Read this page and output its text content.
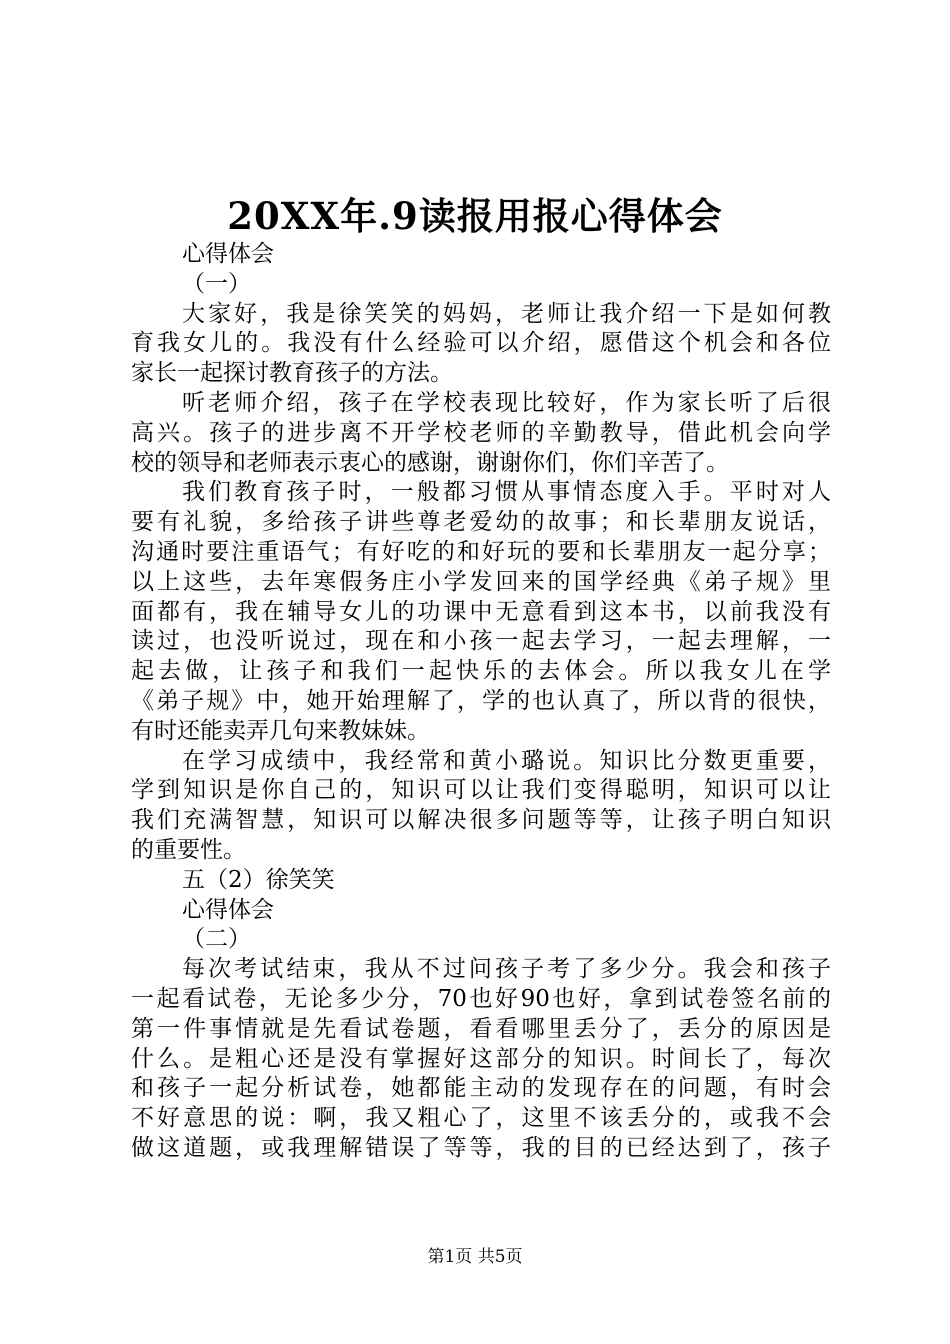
20XX年.9读报用报心得体会
心得体会
（一）
大家好，我是徐笑笑的妈妈，老师让我介绍一下是如何教
育我女儿的。我没有什么经验可以介绍，愿借这个机会和各位
家长一起探讨教育孩子的方法。
听老师介绍，孩子在学校表现比较好，作为家长听了后很
高兴。孩子的进步离不开学校老师的辛勤教导，借此机会向学
校的领导和老师表示衷心的感谢，谢谢你们，你们辛苦了。
我们教育孩子时，一般都习惯从事情态度入手。平时对人
要有礼貌，多给孩子讲些尊老爱幼的故事；和长辈朋友说话，
沟通时要注重语气；有好吃的和好玩的要和长辈朋友一起分享；
以上这些，去年寒假务庄小学发回来的国学经典《弟子规》里
面都有，我在辅导女儿的功课中无意看到这本书，以前我没有
读过，也没听说过，现在和小孩一起去学习，一起去理解，一
起去做，让孩子和我们一起快乐的去体会。所以我女儿在学
《弟子规》中，她开始理解了，学的也认真了，所以背的很快，
有时还能卖弄几句来教妹妹。
在学习成绩中，我经常和黄小璐说。知识比分数更重要，
学到知识是你自己的，知识可以让我们变得聪明，知识可以让
我们充满智慧，知识可以解决很多问题等等，让孩子明白知识
的重要性。
五（2）徐笑笑
心得体会
（二）
每次考试结束，我从不过问孩子考了多少分。我会和孩子
一起看试卷，无论多少分，70也好90也好，拿到试卷签名前的
第一件事情就是先看试卷题，看看哪里丢分了，丢分的原因是
什么。是粗心还是没有掌握好这部分的知识。时间长了，每次
和孩子一起分析试卷，她都能主动的发现存在的问题，有时会
不好意思的说：啊，我又粗心了，这里不该丢分的，或我不会
做这道题，或我理解错误了等等，我的目的已经达到了，孩子
第1页 共5页
